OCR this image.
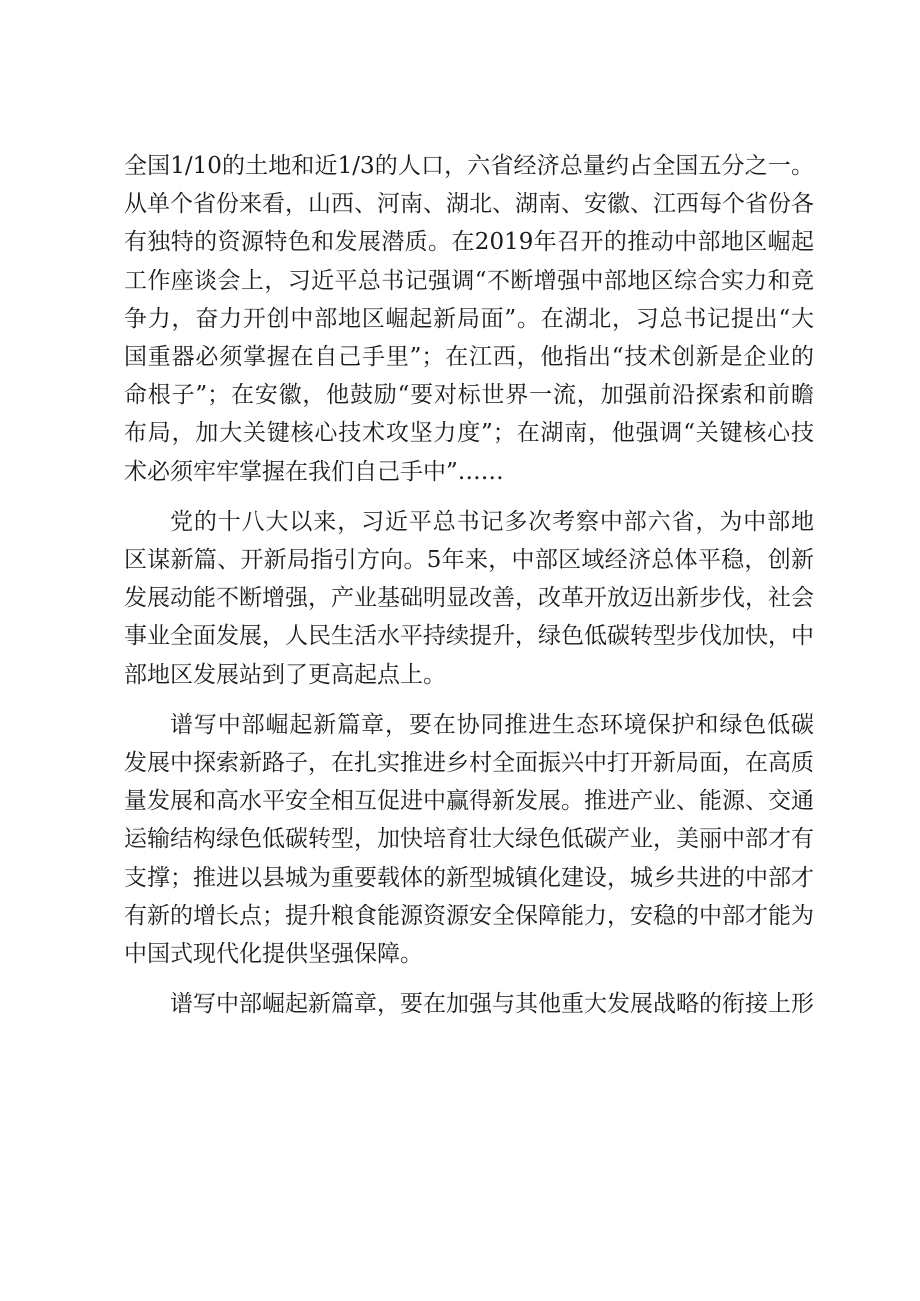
全国1/10的土地和近1/3的人口，六省经济总量约占全国五分之一。
从单个省份来看，山西、河南、湖北、湖南、安徽、江西每个省份各
有独特的资源特色和发展潜质。在2019年召开的推动中部地区崛起
工作座谈会上，习近平总书记强调“不断增强中部地区综合实力和竞
争力，奋力开创中部地区崛起新局面”。在湖北，习总书记提出“大
国重器必须掌握在自己手里”；在江西，他指出“技术创新是企业的
命根子”；在安徽，他鼓励“要对标世界一流，加强前沿探索和前瞻
布局，加大关键核心技术攻坚力度”；在湖南，他强调“关键核心技
术必须牢牢掌握在我们自己手中”……
党的十八大以来，习近平总书记多次考察中部六省，为中部地
区谋新篇、开新局指引方向。5年来，中部区域经济总体平稳，创新
发展动能不断增强，产业基础明显改善，改革开放迈出新步伐，社会
事业全面发展，人民生活水平持续提升，绿色低碳转型步伐加快，中
部地区发展站到了更高起点上。
谱写中部崛起新篇章，要在协同推进生态环境保护和绿色低碳
发展中探索新路子，在扎实推进乡村全面振兴中打开新局面，在高质
量发展和高水平安全相互促进中赢得新发展。推进产业、能源、交通
运输结构绿色低碳转型，加快培育壮大绿色低碳产业，美丽中部才有
支撑；推进以县城为重要载体的新型城镇化建设，城乡共进的中部才
有新的增长点；提升粮食能源资源安全保障能力，安稳的中部才能为
中国式现代化提供坚强保障。
谱写中部崛起新篇章，要在加强与其他重大发展战略的衔接上形
